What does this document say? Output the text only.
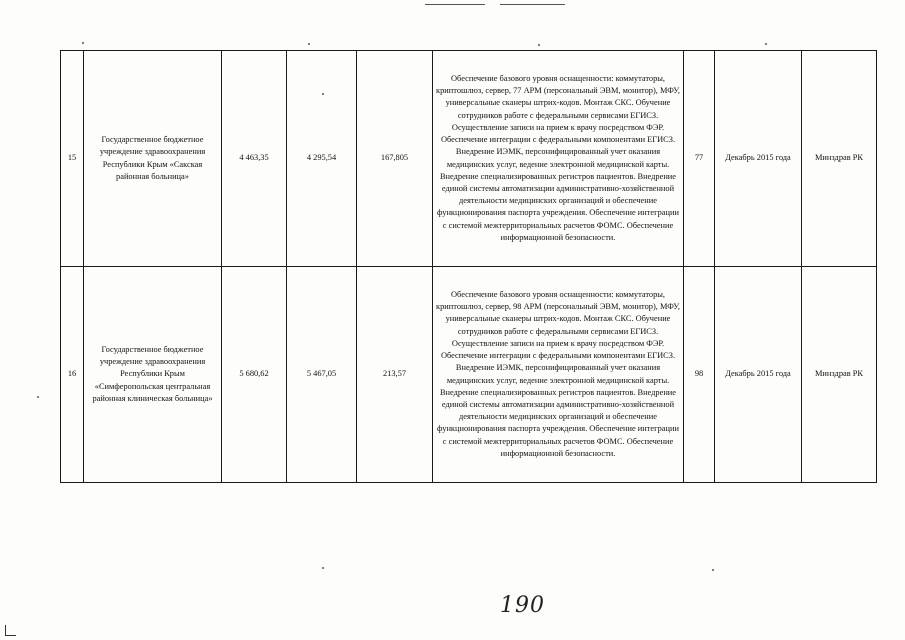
15	Государственное бюджетное учреждение здравоохранения Республики Крым «Сакская районная больница»	4 463,35	4 295,54	167,805	Обеспечение базового уровня оснащенности: коммутаторы, криптошлюз, сервер, 77 АРМ (персональный ЭВМ, монитор), МФУ, универсальные сканеры штрих-кодов. Монтаж СКС. Обучение сотрудников работе с федеральными сервисами ЕГИСЗ. Осуществление записи на прием к врачу посредством ФЭР. Обеспечение интеграции с федеральными компонентами ЕГИСЗ. Внедрение ИЭМК, персонифицированный учет оказания медицинских услуг, ведение электронной медицинской карты. Внедрение специализированных регистров пациентов. Внедрение единой системы автоматизации административно-хозяйственной деятельности медицинских организаций и обеспечение функционирования паспорта учреждения. Обеспечение интеграции с системой межтерриториальных расчетов ФОМС. Обеспечение информационной безопасности.	77	Декабрь 2015 года	Минздрав РК
16	Государственное бюджетное учреждение здравоохранения Республики Крым «Симферопольская центральная районная клиническая больница»	5 680,62	5 467,05	213,57	Обеспечение базового уровня оснащенности: коммутаторы, криптошлюз, сервер, 98 АРМ (персональный ЭВМ, монитор), МФУ, универсальные сканеры штрих-кодов. Монтаж СКС. Обучение сотрудников работе с федеральными сервисами ЕГИСЗ. Осуществление записи на прием к врачу посредством ФЭР. Обеспечение интеграции с федеральными компонентами ЕГИСЗ. Внедрение ИЭМК, персонифицированный учет оказания медицинских услуг, ведение электронной медицинской карты. Внедрение специализированных регистров пациентов. Внедрение единой системы автоматизации административно-хозяйственной деятельности медицинских организаций и обеспечение функционирования паспорта учреждения. Обеспечение интеграции с системой межтерриториальных расчетов ФОМС. Обеспечение информационной безопасности.	98	Декабрь 2015 года	Минздрав РК
190
